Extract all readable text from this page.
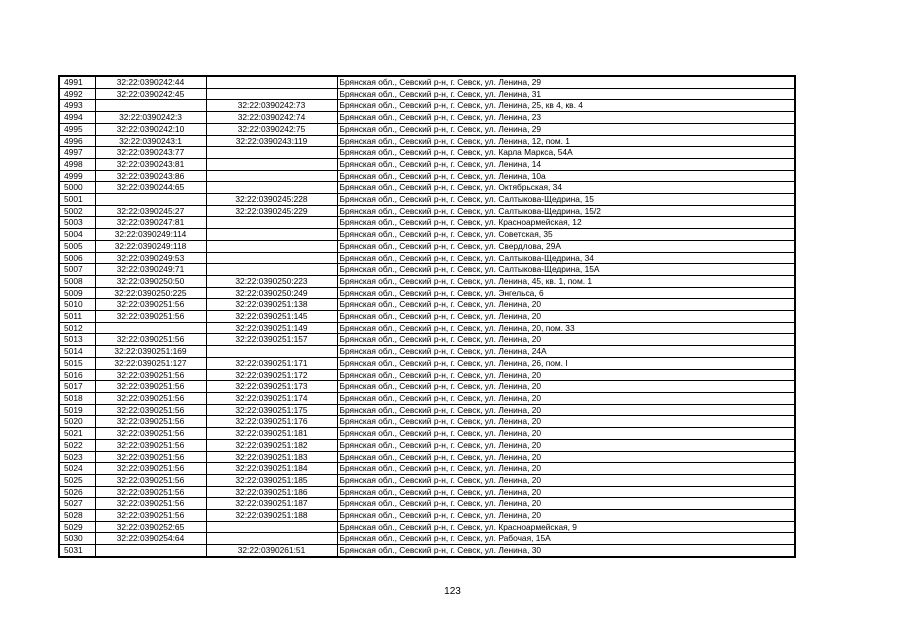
4991	32:22:0390242:44		Брянская обл., Севский р-н, г. Севск, ул. Ленина, 29
4992	32:22:0390242:45		Брянская обл., Севский р-н, г. Севск, ул. Ленина, 31
4993		32:22:0390242:73	Брянская обл., Севский р-н, г. Севск, ул. Ленина, 25, кв 4, кв. 4
4994	32:22:0390242:3	32:22:0390242:74	Брянская обл., Севский р-н, г. Севск, ул. Ленина, 23
4995	32:22:0390242:10	32:22:0390242:75	Брянская обл., Севский р-н, г. Севск, ул. Ленина, 29
4996	32:22:0390243:1	32:22:0390243:119	Брянская обл., Севский р-н, г. Севск, ул. Ленина, 12, пом. 1
4997	32:22:0390243:77		Брянская обл., Севский р-н, г. Севск, ул. Карла Маркса, 54А
4998	32:22:0390243:81		Брянская обл., Севский р-н, г. Севск, ул. Ленина, 14
4999	32:22:0390243:86		Брянская обл., Севский р-н, г. Севск, ул. Ленина, 10а
5000	32:22:0390244:65		Брянская обл., Севский р-н, г. Севск, ул. Октябрьская, 34
5001		32:22:0390245:228	Брянская обл., Севский р-н, г. Севск, ул. Салтыкова-Щедрина, 15
5002	32:22:0390245:27	32:22:0390245:229	Брянская обл., Севский р-н, г. Севск, ул. Салтыкова-Щедрина, 15/2
5003	32:22:0390247:81		Брянская обл., Севский р-н, г. Севск, ул. Красноармейская, 12
5004	32:22:0390249:114		Брянская обл., Севский р-н, г. Севск, ул. Советская, 35
5005	32:22:0390249:118		Брянская обл., Севский р-н, г. Севск, ул. Свердлова, 29А
5006	32:22:0390249:53		Брянская обл., Севский р-н, г. Севск, ул. Салтыкова-Щедрина, 34
5007	32:22:0390249:71		Брянская обл., Севский р-н, г. Севск, ул. Салтыкова-Щедрина, 15А
5008	32:22:0390250:50	32:22:0390250:223	Брянская обл., Севский р-н, г. Севск, ул. Ленина, 45, кв. 1, пом. 1
5009	32:22:0390250:225	32:22:0390250:249	Брянская обл., Севский р-н, г. Севск, ул. Энгельса, 6
5010	32:22:0390251:56	32:22:0390251:138	Брянская обл., Севский р-н, г. Севск, ул. Ленина, 20
5011	32:22:0390251:56	32:22:0390251:145	Брянская обл., Севский р-н, г. Севск, ул. Ленина, 20
5012		32:22:0390251:149	Брянская обл., Севский р-н, г. Севск, ул. Ленина, 20, пом. 33
5013	32:22:0390251:56	32:22:0390251:157	Брянская обл., Севский р-н, г. Севск, ул. Ленина, 20
5014	32:22:0390251:169		Брянская обл., Севский р-н, г. Севск, ул. Ленина, 24А
5015	32:22:0390251:127	32:22:0390251:171	Брянская обл., Севский р-н, г. Севск, ул. Ленина, 26, пом. I
5016	32:22:0390251:56	32:22:0390251:172	Брянская обл., Севский р-н, г. Севск, ул. Ленина, 20
5017	32:22:0390251:56	32:22:0390251:173	Брянская обл., Севский р-н, г. Севск, ул. Ленина, 20
5018	32:22:0390251:56	32:22:0390251:174	Брянская обл., Севский р-н, г. Севск, ул. Ленина, 20
5019	32:22:0390251:56	32:22:0390251:175	Брянская обл., Севский р-н, г. Севск, ул. Ленина, 20
5020	32:22:0390251:56	32:22:0390251:176	Брянская обл., Севский р-н, г. Севск, ул. Ленина, 20
5021	32:22:0390251:56	32:22:0390251:181	Брянская обл., Севский р-н, г. Севск, ул. Ленина, 20
5022	32:22:0390251:56	32:22:0390251:182	Брянская обл., Севский р-н, г. Севск, ул. Ленина, 20
5023	32:22:0390251:56	32:22:0390251:183	Брянская обл., Севский р-н, г. Севск, ул. Ленина, 20
5024	32:22:0390251:56	32:22:0390251:184	Брянская обл., Севский р-н, г. Севск, ул. Ленина, 20
5025	32:22:0390251:56	32:22:0390251:185	Брянская обл., Севский р-н, г. Севск, ул. Ленина, 20
5026	32:22:0390251:56	32:22:0390251:186	Брянская обл., Севский р-н, г. Севск, ул. Ленина, 20
5027	32:22:0390251:56	32:22:0390251:187	Брянская обл., Севский р-н, г. Севск, ул. Ленина, 20
5028	32:22:0390251:56	32:22:0390251:188	Брянская обл., Севский р-н, г. Севск, ул. Ленина, 20
5029	32:22:0390252:65		Брянская обл., Севский р-н, г. Севск, ул. Красноармейская, 9
5030	32:22:0390254:64		Брянская обл., Севский р-н, г. Севск, ул. Рабочая, 15А
5031		32:22:0390261:51	Брянская обл., Севский р-н, г. Севск, ул. Ленина, 30
123
